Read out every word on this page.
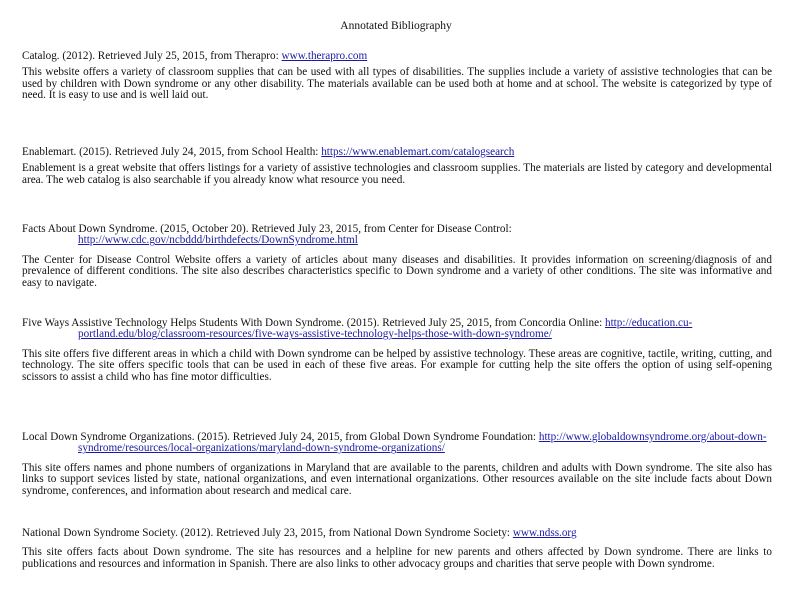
Annotated Bibliography

Catalog. (2012). Retrieved July 25, 2015, from Therapro: www.therapro.com

This website offers a variety of classroom supplies that can be used with all types of disabilities. The supplies include a variety of assistive technologies that can be used by children with Down syndrome or any other disability. The materials available can be used both at home and at school. The website is categorized by type of need. It is easy to use and is well laid out.

Enablemart. (2015). Retrieved July 24, 2015, from School Health: https://www.enablemart.com/catalogsearch

Enablement is a great website that offers listings for a variety of assistive technologies and classroom supplies. The materials are listed by category and developmental area. The web catalog is also searchable if you already know what resource you need.

Facts About Down Syndrome. (2015, October 20). Retrieved July 23, 2015, from Center for Disease Control: http://www.cdc.gov/ncbddd/birthdefects/DownSyndrome.html

The Center for Disease Control Website offers a variety of articles about many diseases and disabilities. It provides information on screening/diagnosis of and prevalence of different conditions. The site also describes characteristics specific to Down syndrome and a variety of other conditions. The site was informative and easy to navigate.

Five Ways Assistive Technology Helps Students With Down Syndrome. (2015). Retrieved July 25, 2015, from Concordia Online: http://education.cu-portland.edu/blog/classroom-resources/five-ways-assistive-technology-helps-those-with-down-syndrome/

This site offers five different areas in which a child with Down syndrome can be helped by assistive technology. These areas are cognitive, tactile, writing, cutting, and technology. The site offers specific tools that can be used in each of these five areas. For example for cutting help the site offers the option of using self-opening scissors to assist a child who has fine motor difficulties.

Local Down Syndrome Organizations. (2015). Retrieved July 24, 2015, from Global Down Syndrome Foundation: http://www.globaldownsyndrome.org/about-down-syndrome/resources/local-organizations/maryland-down-syndrome-organizations/

This site offers names and phone numbers of organizations in Maryland that are available to the parents, children and adults with Down syndrome. The site also has links to support sevices listed by state, national organizations, and even international organizations. Other resources available on the site include facts about Down syndrome, conferences, and information about research and medical care.

National Down Syndrome Society. (2012). Retrieved July 23, 2015, from National Down Syndrome Society: www.ndss.org

This site offers facts about Down syndrome. The site has resources and a helpline for new parents and others affected by Down syndrome. There are links to publications and resources and information in Spanish. There are also links to other advocacy groups and charities that serve people with Down syndrome.
